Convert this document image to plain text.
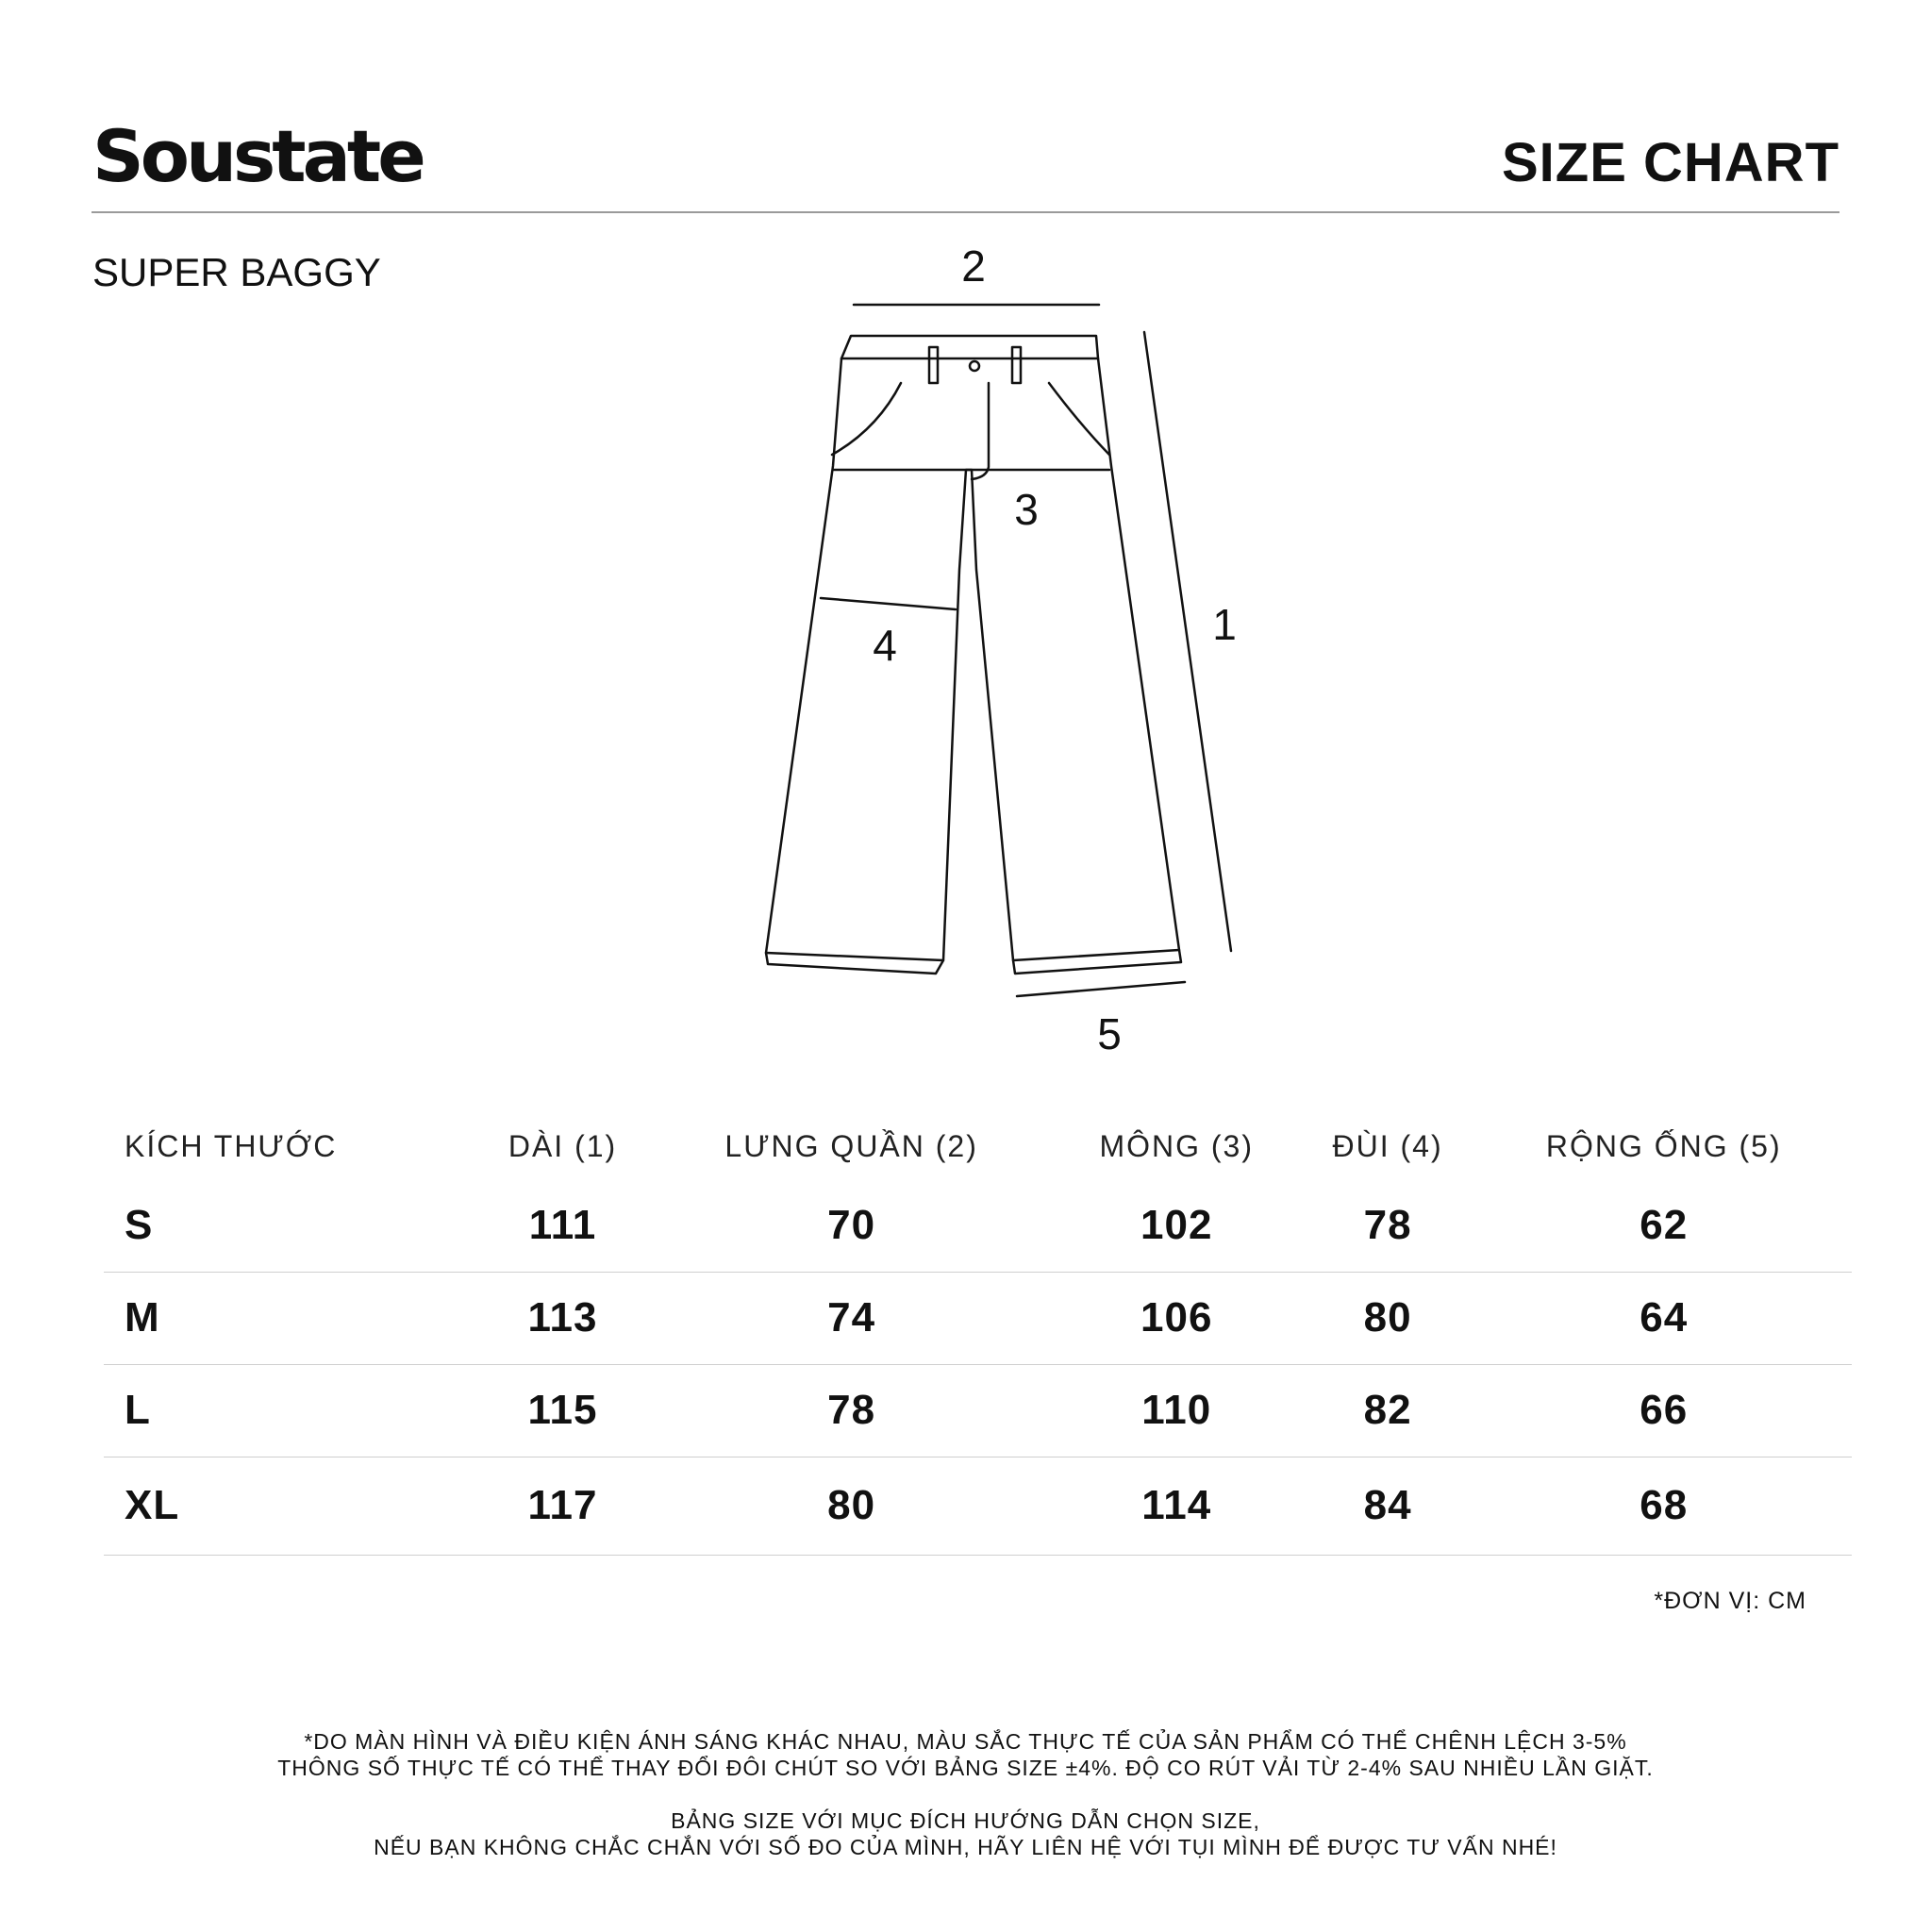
Soustate	SIZE CHART
SUPER BAGGY	2
3
1
4
5
KÍCH THƯỚC	DÀI (1)	LƯNG QUẦN (2)	MÔNG (3)	ĐÙI (4)	RỘNG ỐNG (5)
S	111	70	102	78	62
M	113	74	106	80	64
L	115	78	110	82	66
XL	117	80	114	84	68
*ĐƠN VỊ: CM
*DO MÀN HÌNH VÀ ĐIỀU KIỆN ÁNH SÁNG KHÁC NHAU, MÀU SẮC THỰC TẾ CỦA SẢN PHẨM CÓ THỂ CHÊNH LỆCH 3-5%
THÔNG SỐ THỰC TẾ CÓ THỂ THAY ĐỔI ĐÔI CHÚT SO VỚI BẢNG SIZE ±4%. ĐỘ CO RÚT VẢI TỪ 2-4% SAU NHIỀU LẦN GIẶT.
BẢNG SIZE VỚI MỤC ĐÍCH HƯỚNG DẪN CHỌN SIZE,
NẾU BẠN KHÔNG CHẮC CHẮN VỚI SỐ ĐO CỦA MÌNH, HÃY LIÊN HỆ VỚI TỤI MÌNH ĐỂ ĐƯỢC TƯ VẤN NHÉ!
